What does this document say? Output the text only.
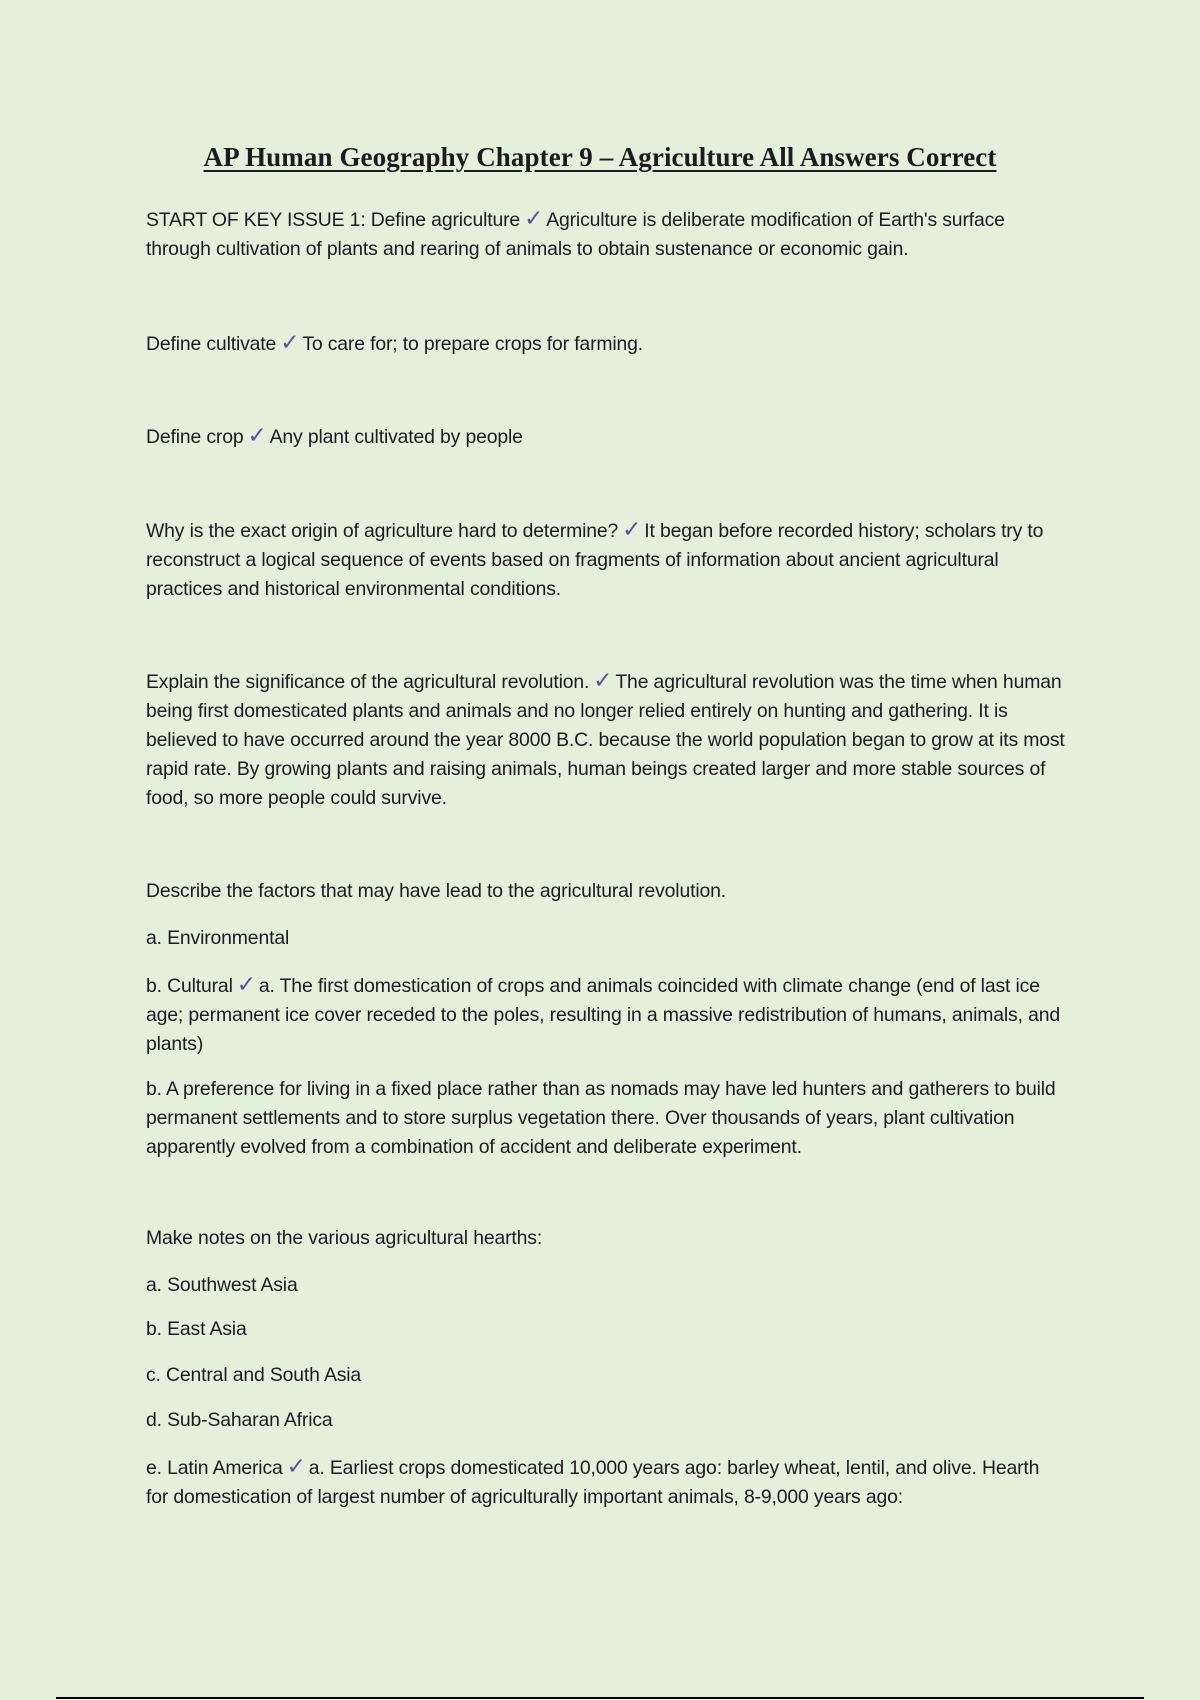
AP Human Geography Chapter 9 – Agriculture All Answers Correct

START OF KEY ISSUE 1: Define agriculture ✓ Agriculture is deliberate modification of Earth's surface through cultivation of plants and rearing of animals to obtain sustenance or economic gain.

Define cultivate ✓ To care for; to prepare crops for farming.

Define crop ✓ Any plant cultivated by people

Why is the exact origin of agriculture hard to determine? ✓ It began before recorded history; scholars try to reconstruct a logical sequence of events based on fragments of information about ancient agricultural practices and historical environmental conditions.

Explain the significance of the agricultural revolution. ✓ The agricultural revolution was the time when human being first domesticated plants and animals and no longer relied entirely on hunting and gathering. It is believed to have occurred around the year 8000 B.C. because the world population began to grow at its most rapid rate. By growing plants and raising animals, human beings created larger and more stable sources of food, so more people could survive.

Describe the factors that may have lead to the agricultural revolution.

a. Environmental

b. Cultural ✓ a. The first domestication of crops and animals coincided with climate change (end of last ice age; permanent ice cover receded to the poles, resulting in a massive redistribution of humans, animals, and plants)

b. A preference for living in a fixed place rather than as nomads may have led hunters and gatherers to build permanent settlements and to store surplus vegetation there. Over thousands of years, plant cultivation apparently evolved from a combination of accident and deliberate experiment.

Make notes on the various agricultural hearths:

a. Southwest Asia

b. East Asia

c. Central and South Asia

d. Sub-Saharan Africa

e. Latin America ✓ a. Earliest crops domesticated 10,000 years ago: barley wheat, lentil, and olive. Hearth for domestication of largest number of agriculturally important animals, 8-9,000 years ago:
